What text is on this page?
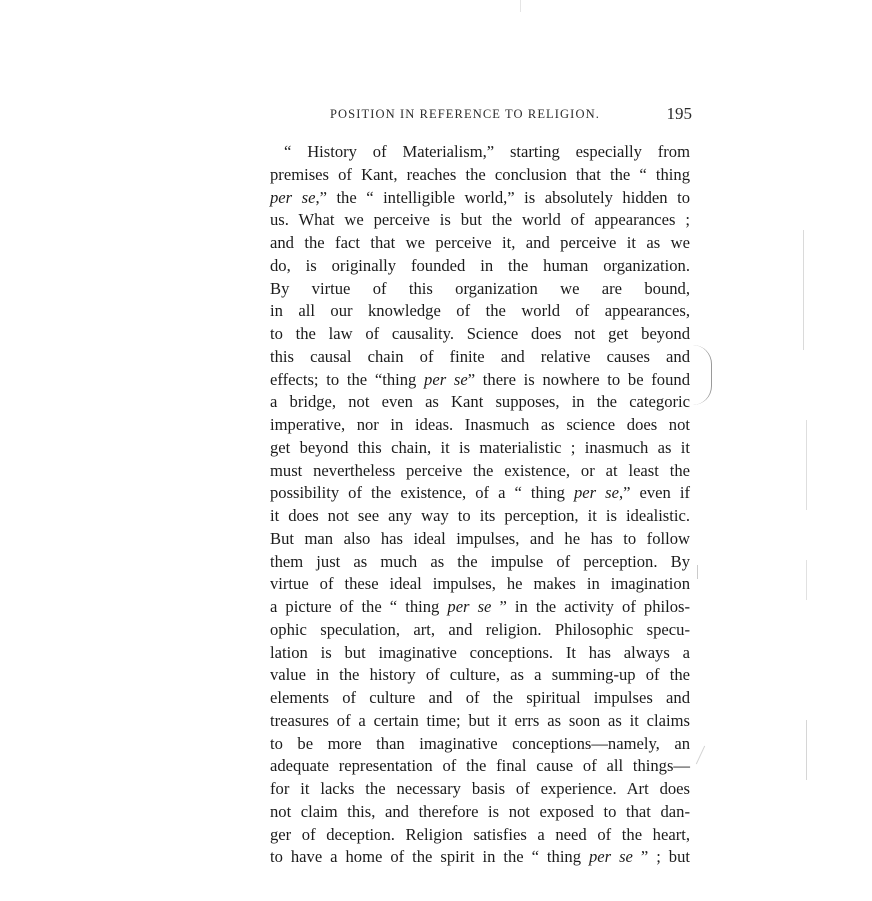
POSITION IN REFERENCE TO RELIGION.	195
“ History of Materialism,” starting especially from
premises of Kant, reaches the conclusion that the “ thing
per se,” the “ intelligible world,” is absolutely hidden to
us. What we perceive is but the world of appearances ;
and the fact that we perceive it, and perceive it as we
do, is originally founded in the human organization.
By virtue of this organization we are bound,
in all our knowledge of the world of appearances,
to the law of causality. Science does not get beyond
this causal chain of finite and relative causes and
effects; to the “thing per se” there is nowhere to be found
a bridge, not even as Kant supposes, in the categoric
imperative, nor in ideas. Inasmuch as science does not
get beyond this chain, it is materialistic ; inasmuch as it
must nevertheless perceive the existence, or at least the
possibility of the existence, of a “ thing per se,” even if
it does not see any way to its perception, it is idealistic.
But man also has ideal impulses, and he has to follow
them just as much as the impulse of perception. By
virtue of these ideal impulses, he makes in imagination
a picture of the “ thing per se ” in the activity of philos-
ophic speculation, art, and religion. Philosophic specu-
lation is but imaginative conceptions. It has always a
value in the history of culture, as a summing-up of the
elements of culture and of the spiritual impulses and
treasures of a certain time; but it errs as soon as it claims
to be more than imaginative conceptions—namely, an
adequate representation of the final cause of all things—
for it lacks the necessary basis of experience. Art does
not claim this, and therefore is not exposed to that dan-
ger of deception. Religion satisfies a need of the heart,
to have a home of the spirit in the “ thing per se ” ; but
